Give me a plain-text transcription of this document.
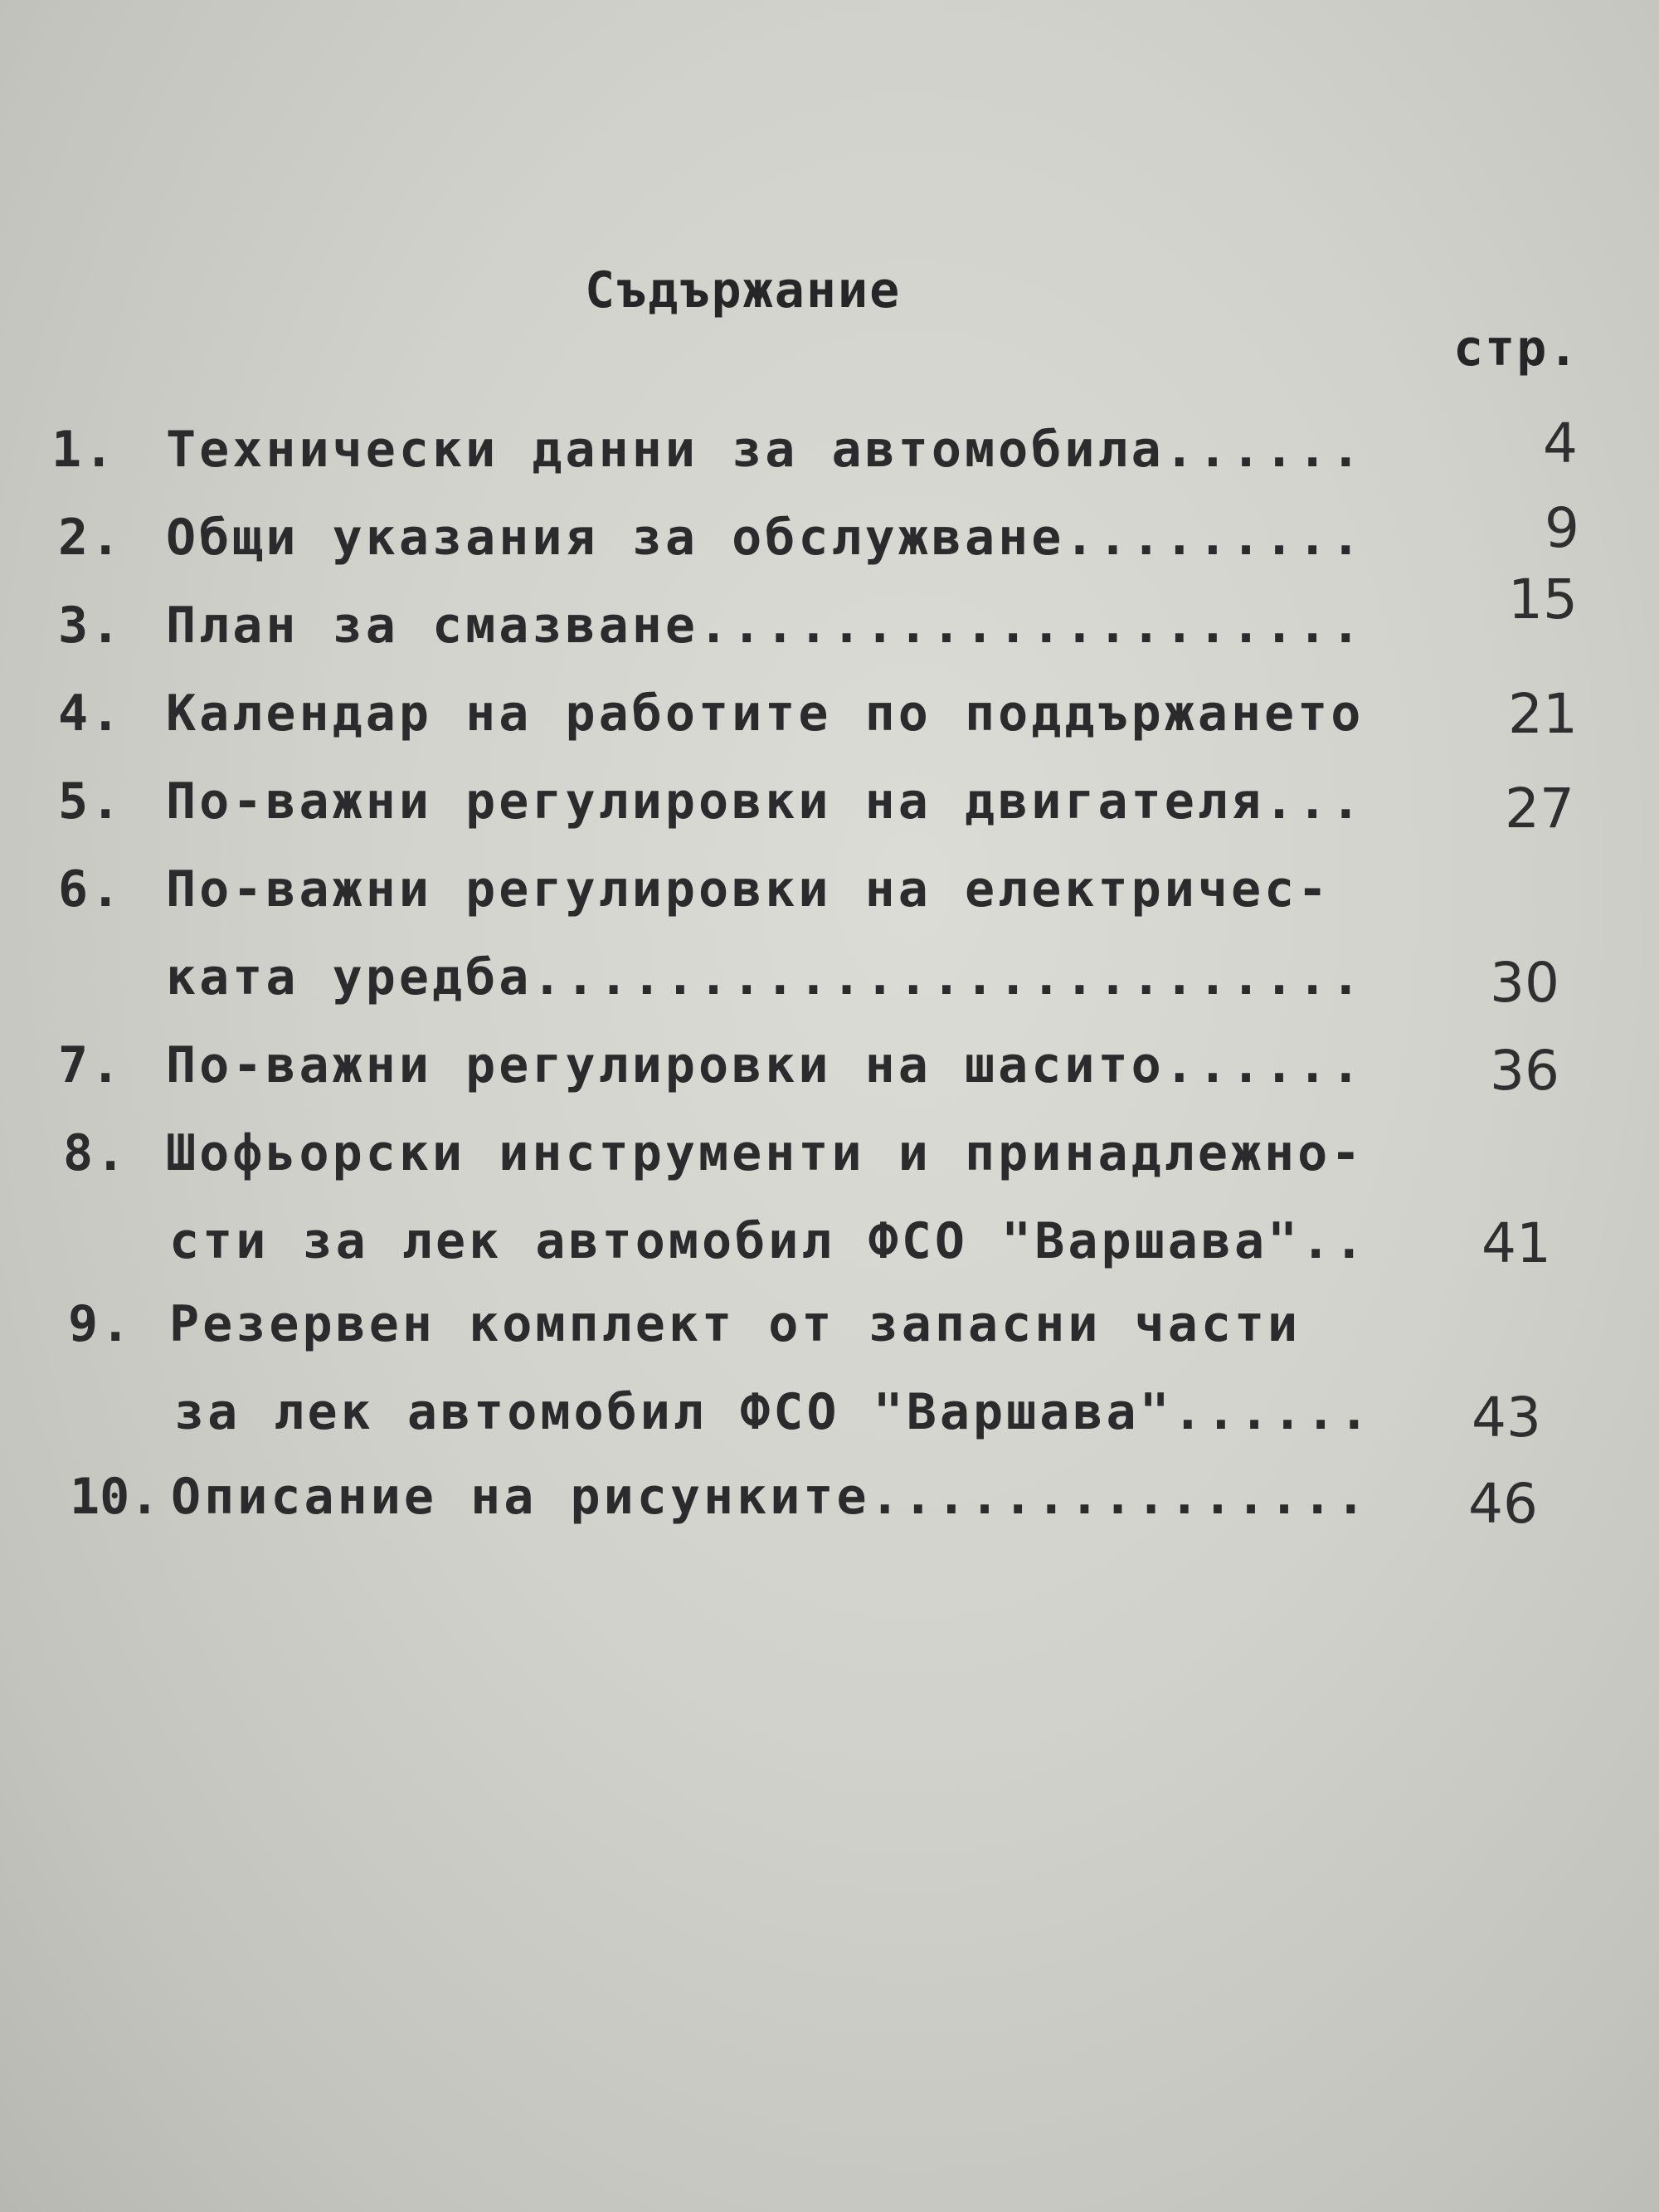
Съдържание
стр.
1. Технически данни за автомобила......	4
2. Общи указания за обслужване.........	9
3. План за смазване....................	15
4. Календар на работите по поддържането	21
5. По-важни регулировки на двигателя...	27
6. По-важни регулировки на електричес-
ката уредба......................... 30
7. По-важни регулировки на шасито...... 36
8. Шофьорски инструменти и принадлежно-
сти за лек автомобил ФСО "Варшава".. 41
9. Резервен комплект от запасни части
за лек автомобил ФСО "Варшава"...... 43
10. Описание на рисунките............... 46
